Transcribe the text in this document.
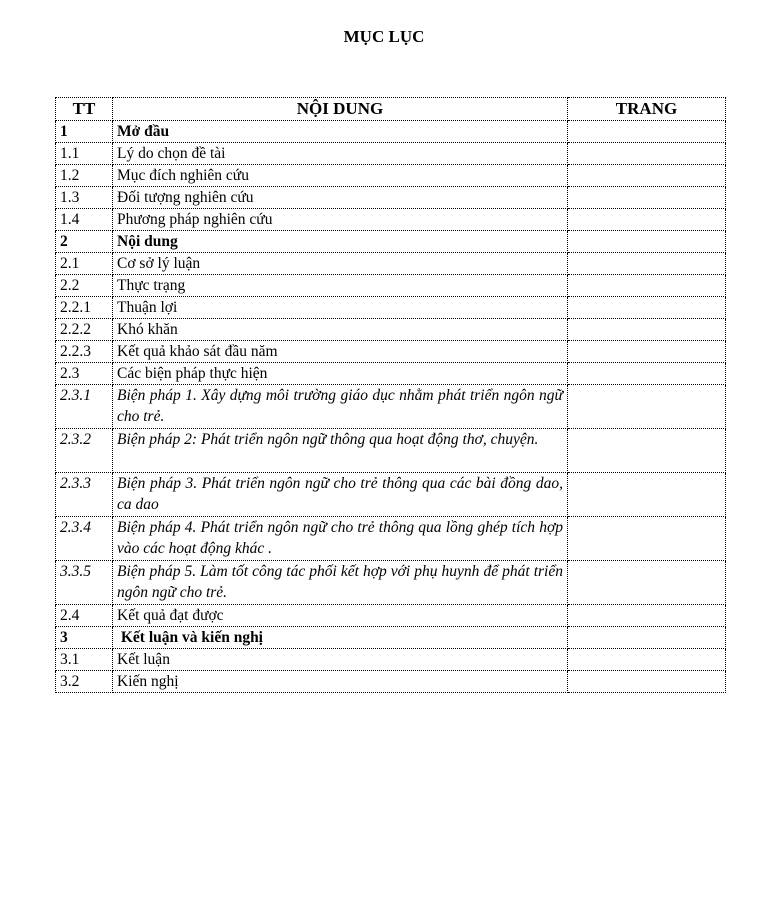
MỤC LỤC
TT	NỘI DUNG	TRANG
1	Mở đầu	
1.1	Lý do chọn đề tài	
1.2	Mục đích nghiên cứu	
1.3	Đối tượng nghiên cứu	
1.4	Phương pháp nghiên cứu	
2	Nội dung	
2.1	Cơ sở lý luận	
2.2	Thực trạng	
2.2.1	Thuận lợi	
2.2.2	Khó khăn	
2.2.3	Kết quả khảo sát đầu năm	
2.3	Các biện pháp thực hiện	
2.3.1	Biện pháp 1. Xây dựng môi trường giáo dục nhằm phát triển ngôn ngữ cho trẻ.	
2.3.2	Biện pháp 2: Phát triển ngôn ngữ thông qua hoạt động thơ, chuyện.	
2.3.3	Biện pháp 3. Phát triển ngôn ngữ cho trẻ thông qua các bài đồng dao, ca dao	
2.3.4	Biện pháp 4. Phát triển ngôn ngữ cho trẻ thông qua lồng ghép tích hợp vào các hoạt động khác .	
3.3.5	Biện pháp 5. Làm tốt công tác phối kết hợp với phụ huynh để phát triển ngôn ngữ cho trẻ.	
2.4	Kết quả đạt được	
3	Kết luận và kiến nghị	
3.1	Kết luận	
3.2	Kiến nghị	
